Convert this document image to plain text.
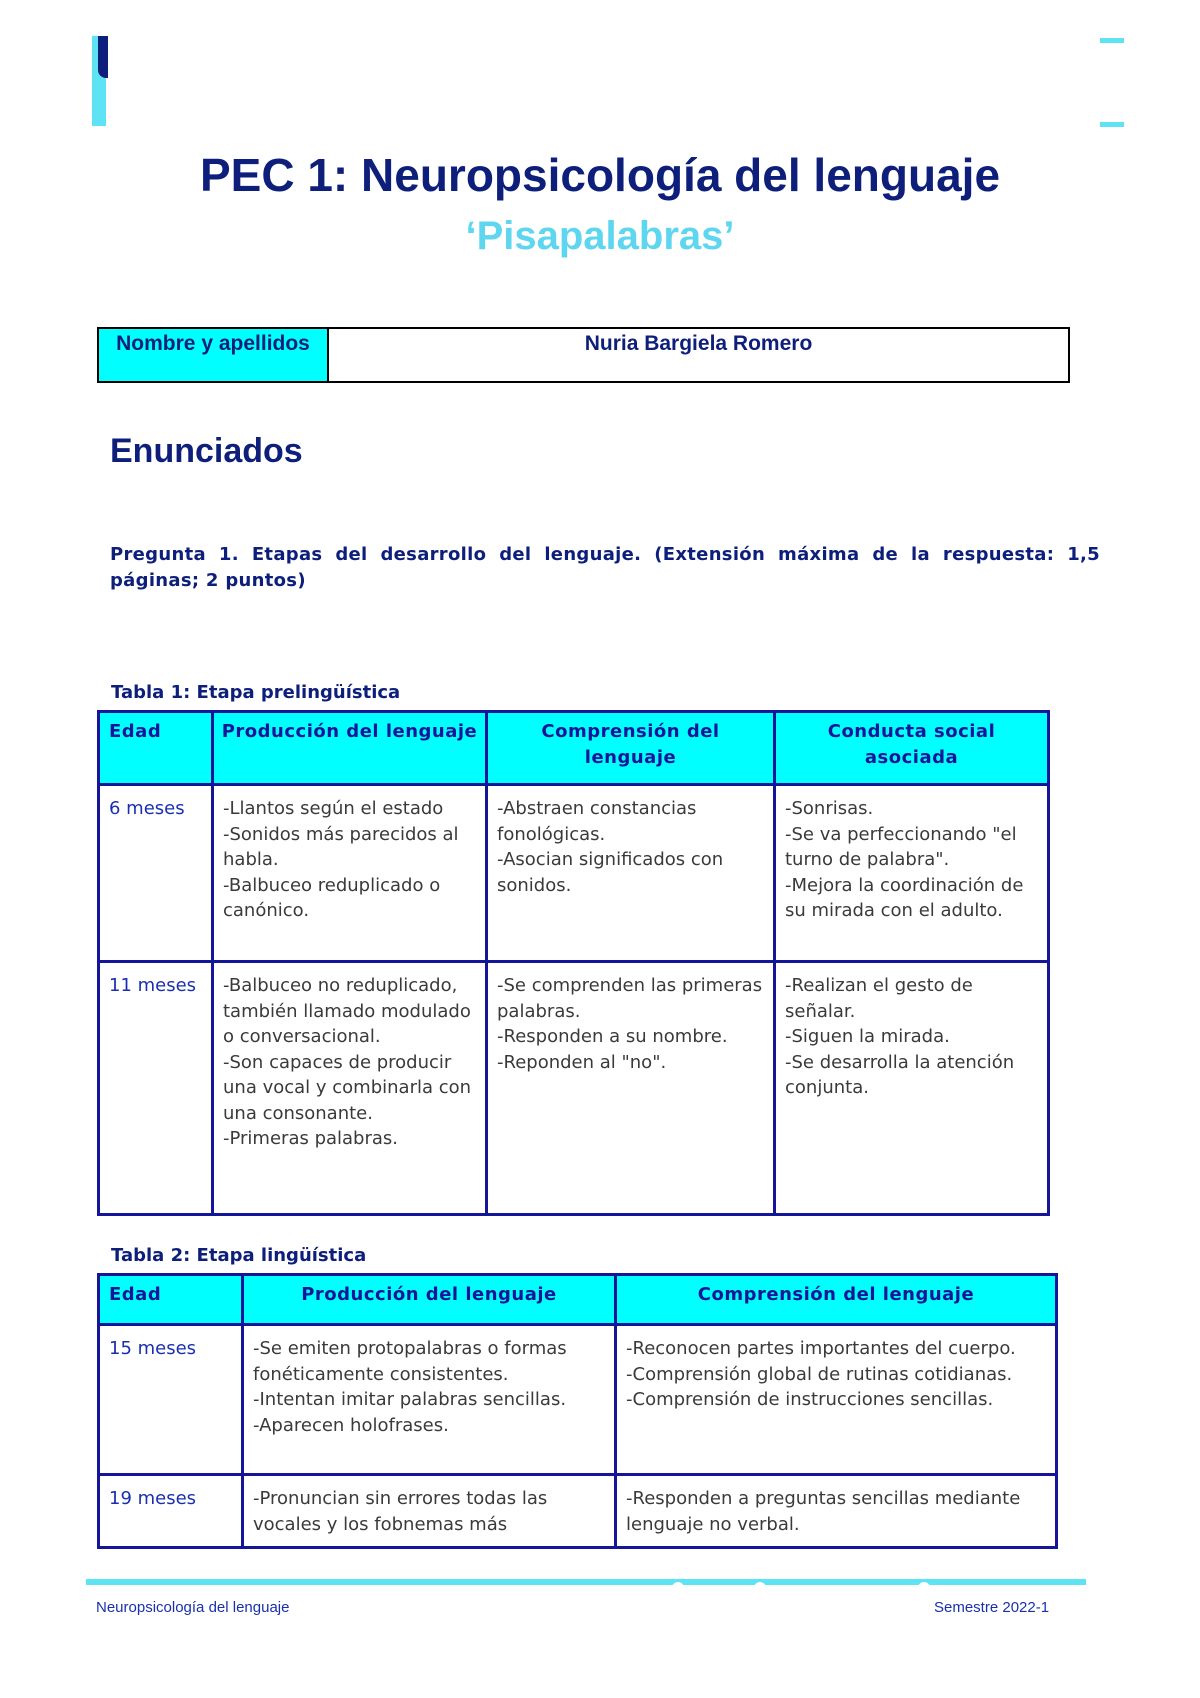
PEC 1: Neuropsicología del lenguaje
‘Pisapalabras’
Nombre y apellidos	Nuria Bargiela Romero
Enunciados
Pregunta 1. Etapas del desarrollo del lenguaje. (Extensión máxima de la respuesta: 1,5 páginas; 2 puntos)
Tabla 1: Etapa prelingüística
Edad	Producción del lenguaje	Comprensión del lenguaje	Conducta social asociada
6 meses	-Llantos según el estado
-Sonidos más parecidos al habla.
-Balbuceo reduplicado o canónico.	-Abstraen constancias fonológicas.
-Asocian significados con sonidos.	-Sonrisas.
-Se va perfeccionando "el turno de palabra".
-Mejora la coordinación de su mirada con el adulto.

11 meses	-Balbuceo no reduplicado, también llamado modulado o conversacional.
-Son capaces de producir una vocal y combinarla con una consonante.
-Primeras palabras.	-Se comprenden las primeras palabras.
-Responden a su nombre.
-Reponden al "no".	-Realizan el gesto de señalar.
-Siguen la mirada.
-Se desarrolla la atención conjunta.
Tabla 2: Etapa lingüística
Edad	Producción del lenguaje	Comprensión del lenguaje
15 meses	-Se emiten protopalabras o formas fonéticamente consistentes.
-Intentan imitar palabras sencillas.
-Aparecen holofrases.	-Reconocen partes importantes del cuerpo.
-Comprensión global de rutinas cotidianas.
-Comprensión de instrucciones sencillas.

19 meses	-Pronuncian sin errores todas las vocales y los fobnemas más	-Responden a preguntas sencillas mediante lenguaje no verbal.
Neuropsicología del lenguaje	Semestre 2022-1
